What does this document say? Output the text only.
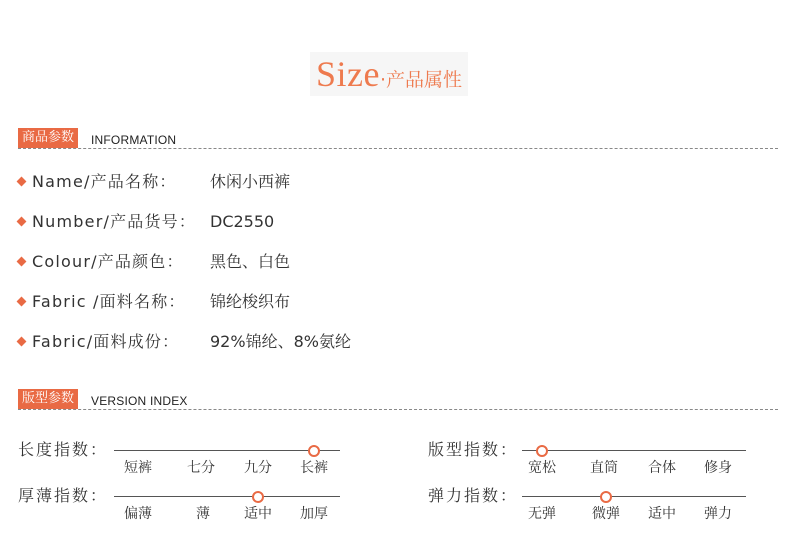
Size ·产品属性
商品参数	INFORMATION
Name/产品名称： 休闲小西裤
Number/产品货号： DC2550
Colour/产品颜色： 黑色、白色
Fabric /面料名称： 锦纶梭织布
Fabric/面料成份： 92%锦纶、8%氨纶
版型参数	VERSION INDEX
长度指数：
短裤	七分 九分 长裤
版型指数：
宽松 直筒 合体 修身
厚薄指数：
偏薄	薄 适中 加厚
弹力指数：
无弹	微弹 适中 弹力
